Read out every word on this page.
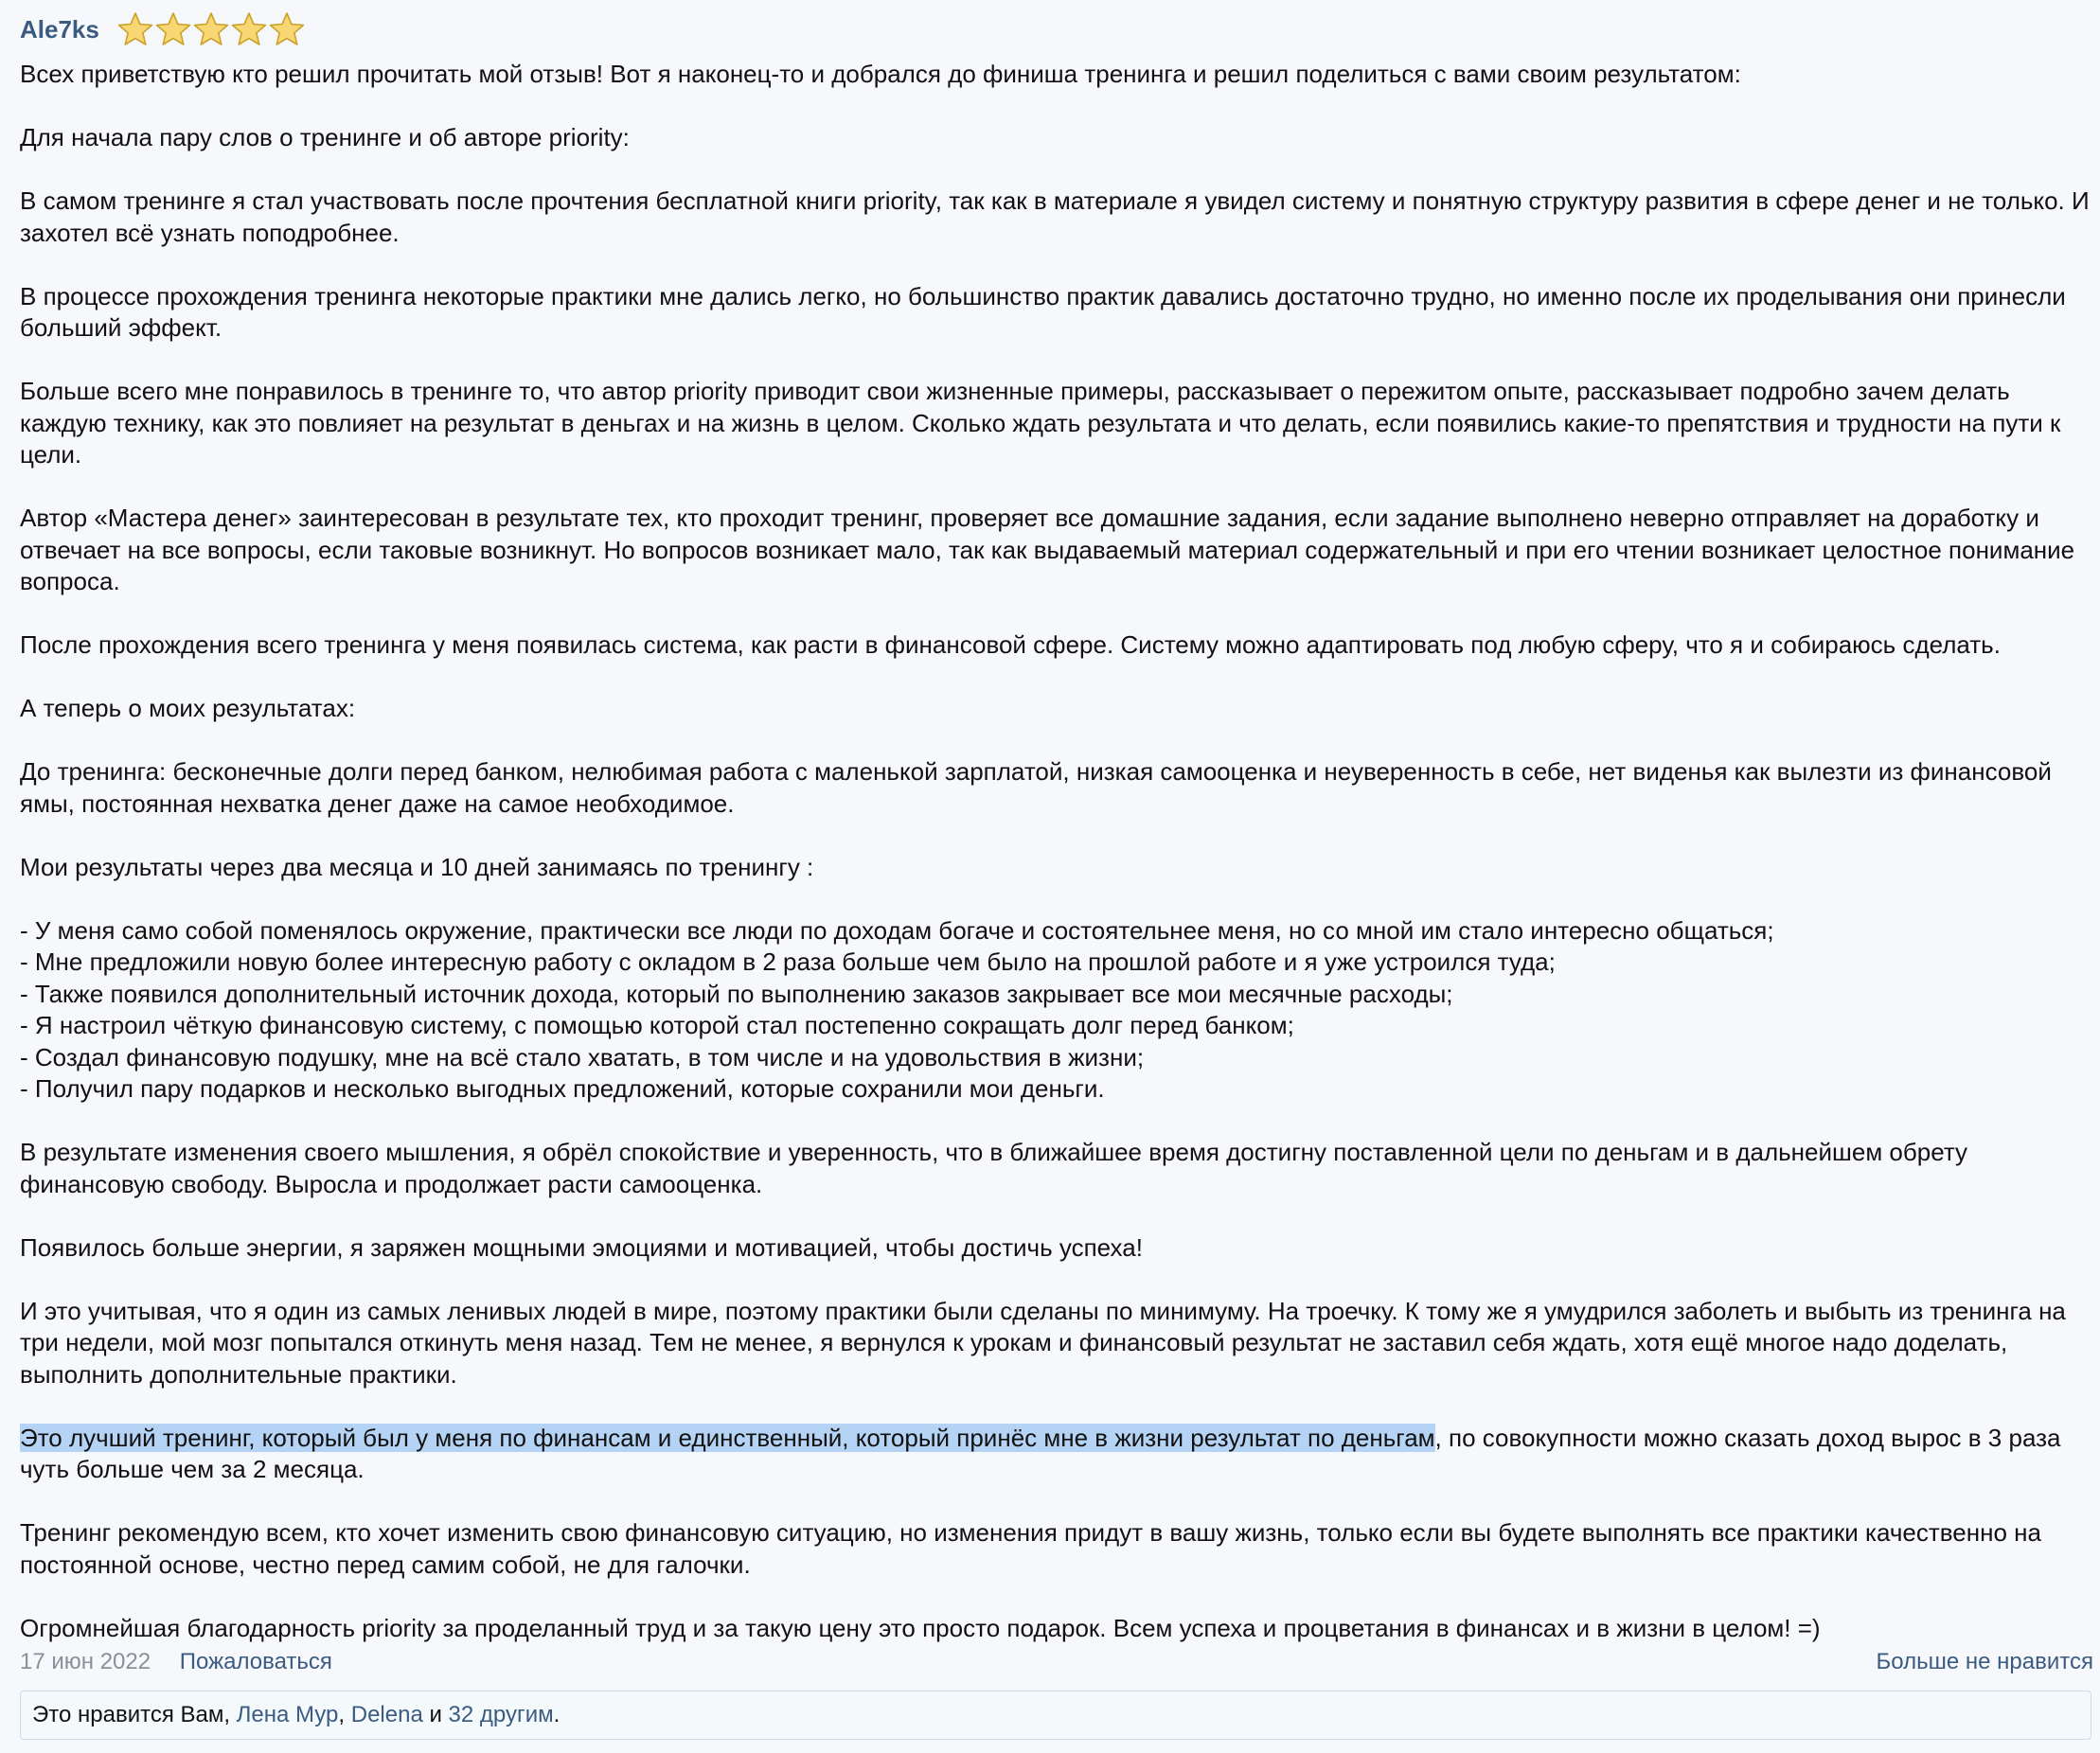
Ale7ks

Всех приветствую кто решил прочитать мой отзыв! Вот я наконец-то и добрался до финиша тренинга и решил поделиться с вами своим результатом:

Для начала пару слов о тренинге и об авторе priority:

В самом тренинге я стал участвовать после прочтения бесплатной книги priority, так как в материале я увидел систему и понятную структуру развития в сфере денег и не только. И захотел всё узнать поподробнее.

В процессе прохождения тренинга некоторые практики мне дались легко, но большинство практик давались достаточно трудно, но именно после их проделывания они принесли больший эффект.

Больше всего мне понравилось в тренинге то, что автор priority приводит свои жизненные примеры, рассказывает о пережитом опыте, рассказывает подробно зачем делать каждую технику, как это повлияет на результат в деньгах и на жизнь в целом. Сколько ждать результата и что делать, если появились какие-то препятствия и трудности на пути к цели.

Автор «Мастера денег» заинтересован в результате тех, кто проходит тренинг, проверяет все домашние задания, если задание выполнено неверно отправляет на доработку и отвечает на все вопросы, если таковые возникнут. Но вопросов возникает мало, так как выдаваемый материал содержательный и при его чтении возникает целостное понимание вопроса.

После прохождения всего тренинга у меня появилась система, как расти в финансовой сфере. Систему можно адаптировать под любую сферу, что я и собираюсь сделать.

А теперь о моих результатах:

До тренинга: бесконечные долги перед банком, нелюбимая работа с маленькой зарплатой, низкая самооценка и неуверенность в себе, нет виденья как вылезти из финансовой ямы, постоянная нехватка денег даже на самое необходимое.

Мои результаты через два месяца и 10 дней занимаясь по тренингу :

- У меня само собой поменялось окружение, практически все люди по доходам богаче и состоятельнее меня, но со мной им стало интересно общаться;
- Мне предложили новую более интересную работу с окладом в 2 раза больше чем было на прошлой работе и я уже устроился туда;
- Также появился дополнительный источник дохода, который по выполнению заказов закрывает все мои месячные расходы;
- Я настроил чёткую финансовую систему, с помощью которой стал постепенно сокращать долг перед банком;
- Создал финансовую подушку, мне на всё стало хватать, в том числе и на удовольствия в жизни;
- Получил пару подарков и несколько выгодных предложений, которые сохранили мои деньги.

В результате изменения своего мышления, я обрёл спокойствие и уверенность, что в ближайшее время достигну поставленной цели по деньгам и в дальнейшем обрету финансовую свободу. Выросла и продолжает расти самооценка.

Появилось больше энергии, я заряжен мощными эмоциями и мотивацией, чтобы достичь успеха!

И это учитывая, что я один из самых ленивых людей в мире, поэтому практики были сделаны по минимуму. На троечку. К тому же я умудрился заболеть и выбыть из тренинга на три недели, мой мозг попытался откинуть меня назад. Тем не менее, я вернулся к урокам и финансовый результат не заставил себя ждать, хотя ещё многое надо доделать, выполнить дополнительные практики.

Это лучший тренинг, который был у меня по финансам и единственный, который принёс мне в жизни результат по деньгам, по совокупности можно сказать доход вырос в 3 раза чуть больше чем за 2 месяца.

Тренинг рекомендую всем, кто хочет изменить свою финансовую ситуацию, но изменения придут в вашу жизнь, только если вы будете выполнять все практики качественно на постоянной основе, честно перед самим собой, не для галочки.

Огромнейшая благодарность priority за проделанный труд и за такую цену это просто подарок. Всем успеха и процветания в финансах и в жизни в целом! =)

17 июн 2022 Пожаловаться	Больше не нравится
Это нравится Вам, Лена Мур, Delena и 32 другим.
